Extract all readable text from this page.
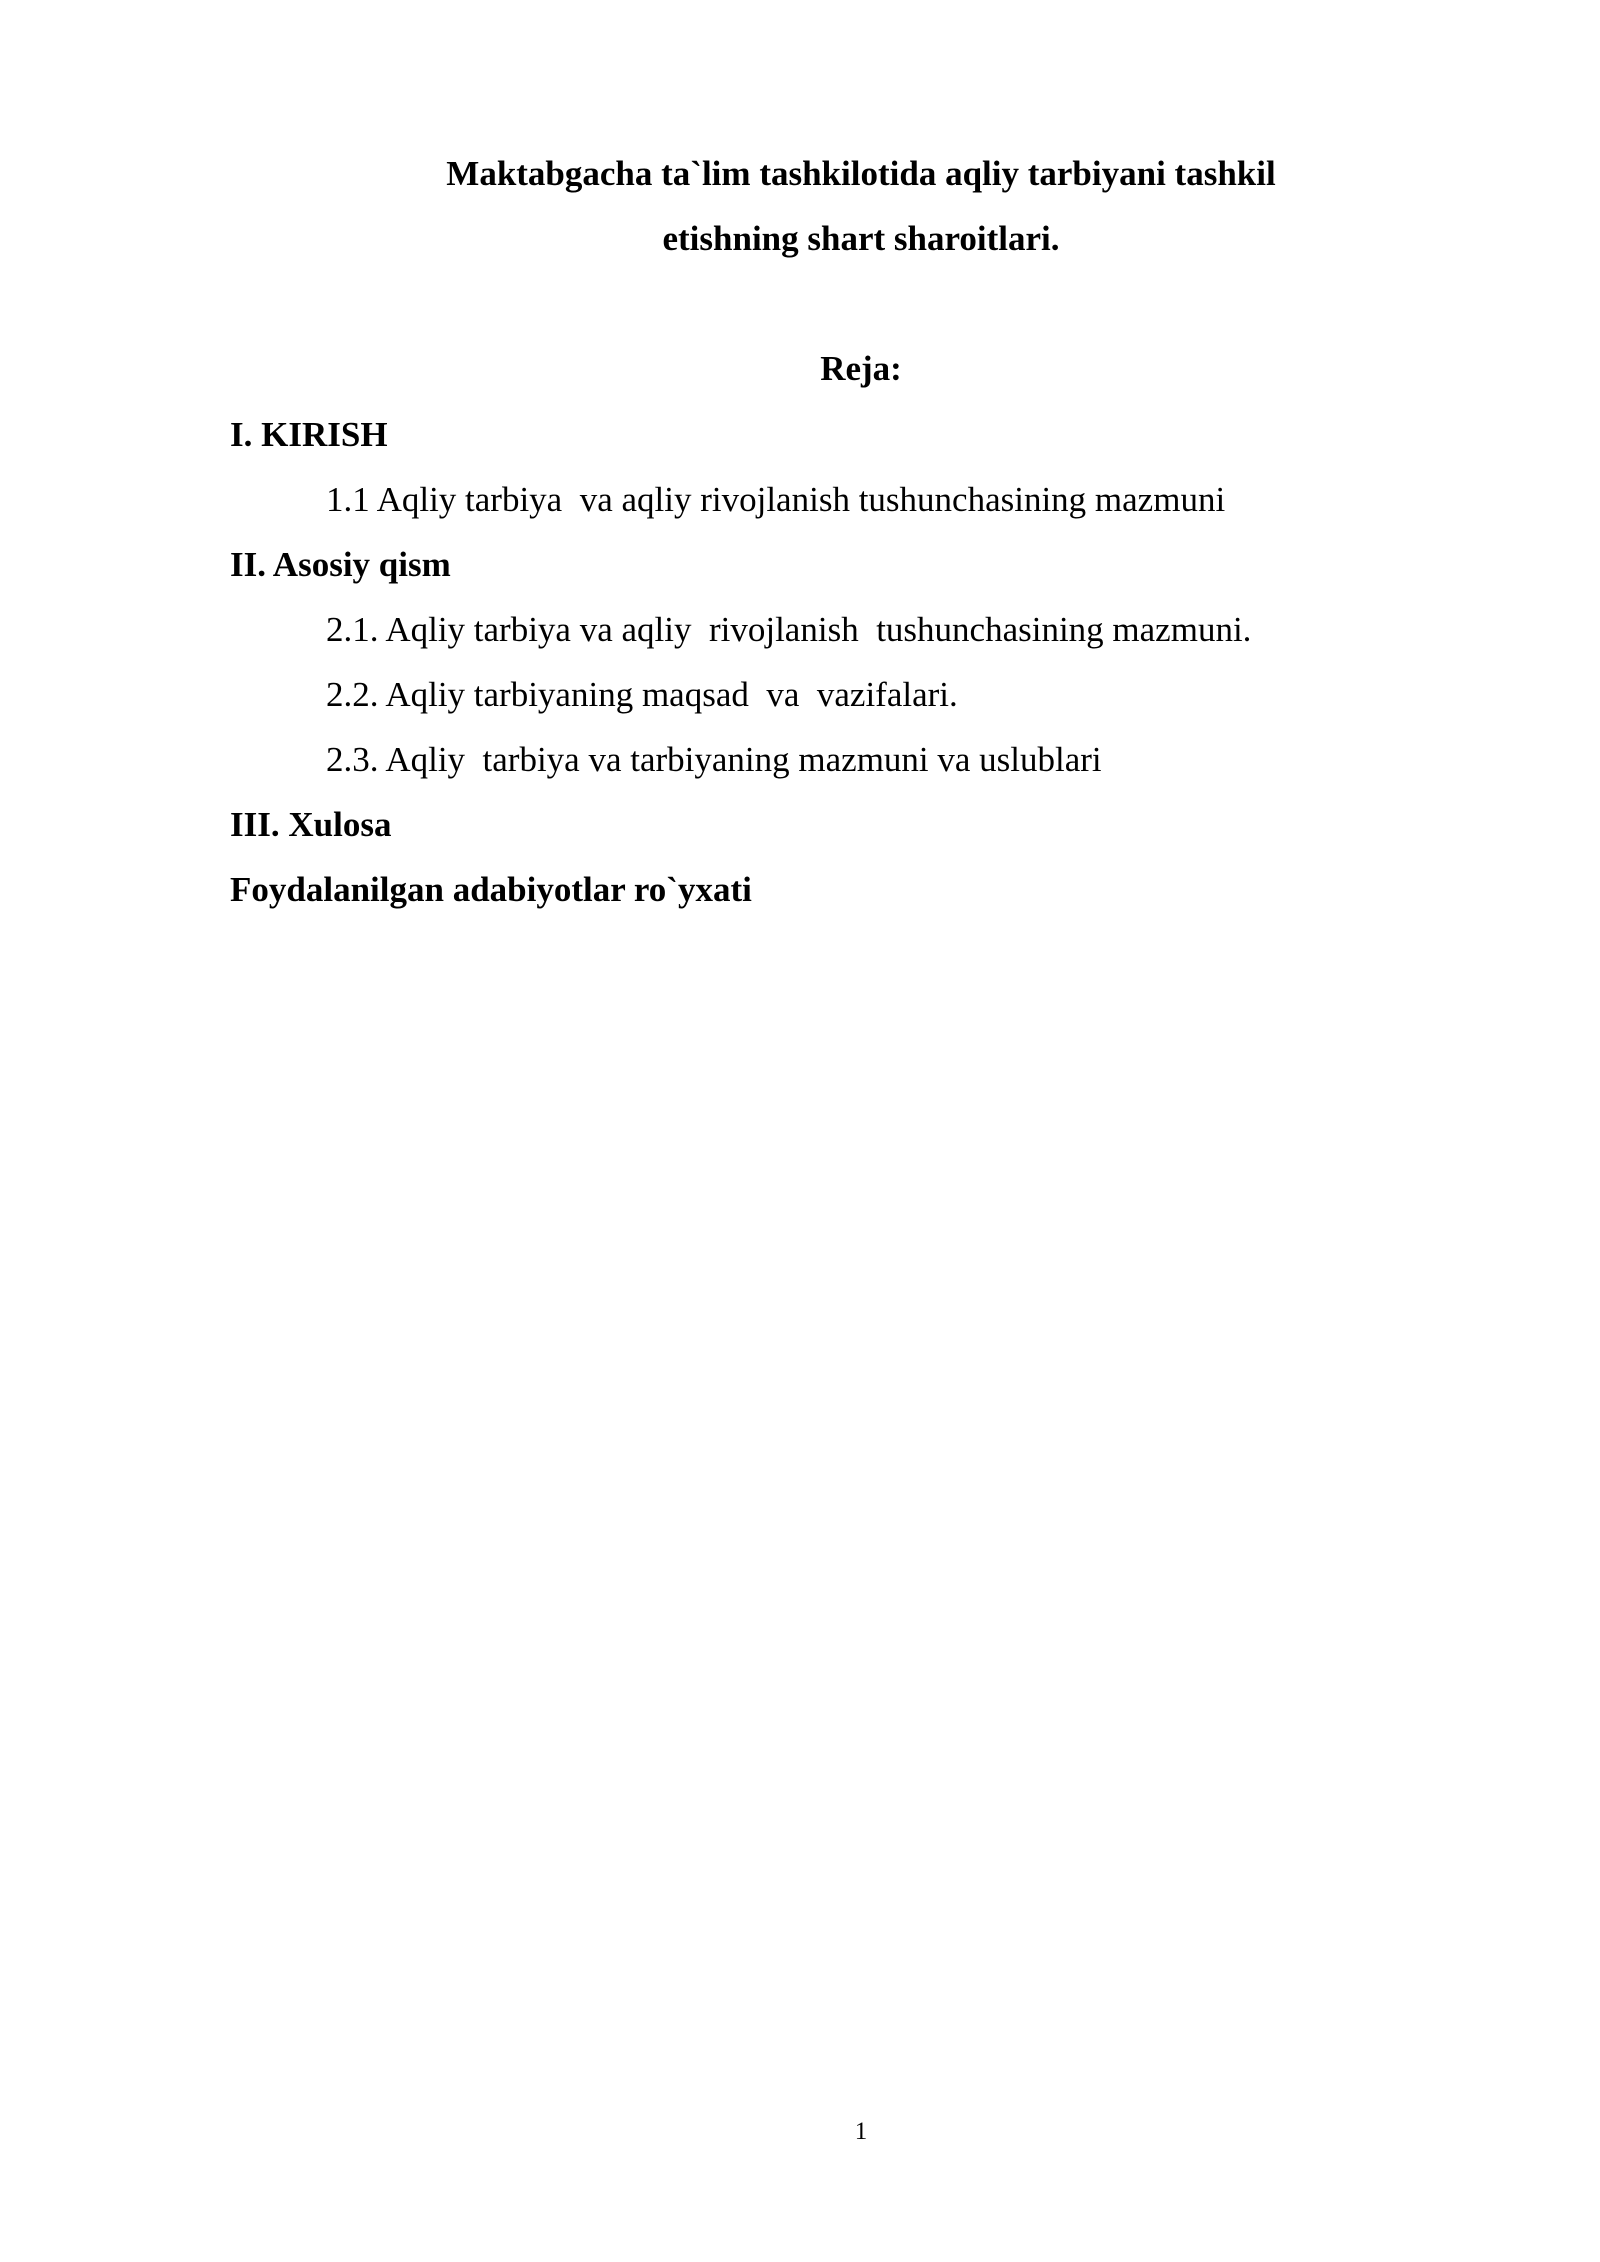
Maktabgacha ta`lim tashkilotida aqliy tarbiyani tashkil
etishning shart sharoitlari.
Reja:
I. KIRISH
1.1 Aqliy tarbiya  va aqliy rivojlanish tushunchasining mazmuni
II. Asosiy qism
2.1. Aqliy tarbiya va aqliy  rivojlanish  tushunchasining mazmuni.
2.2. Aqliy tarbiyaning maqsad  va  vazifalari.
2.3. Aqliy  tarbiya va tarbiyaning mazmuni va uslublari
III. Xulosa
Foydalanilgan adabiyotlar ro`yxati
1
